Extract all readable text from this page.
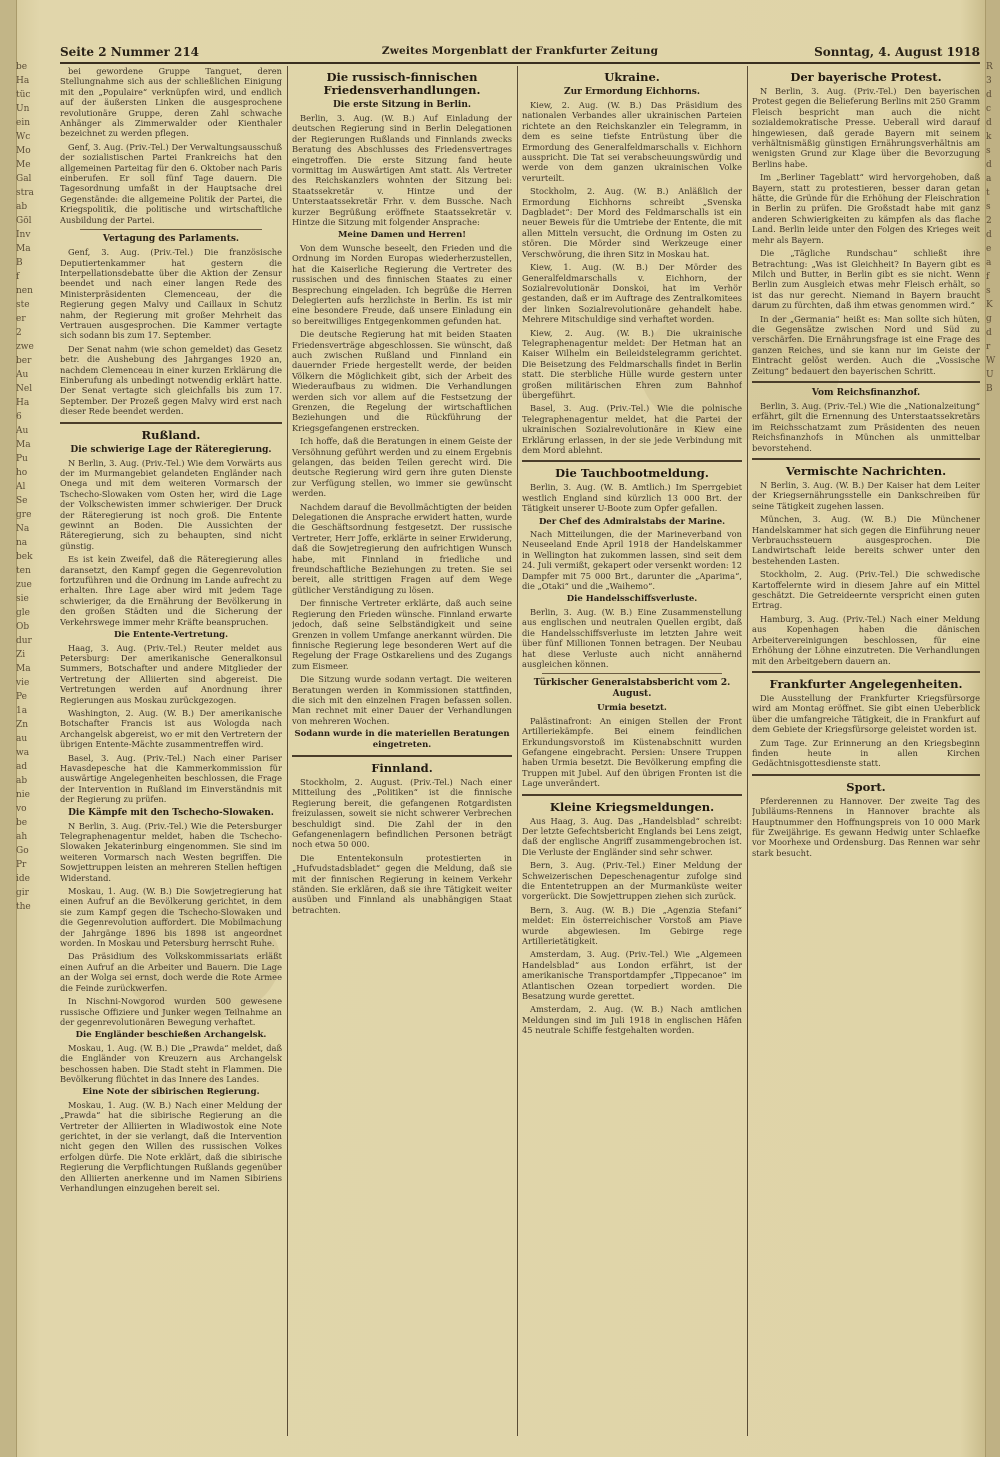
be
Ha
tüc
Un
ein
Wc
Mo
Me
Gal
stra
ab
Göl
Inv
Ma
B
f
nen
ste
er
2
zwe
ber
Au
Nel
Ha
6
Au
Ma
Pu
ho
Al
Se
gre
Na
na
bek
ten
zue
sie
gle
Ob
dur
Zi
Ma
vie
Pe
1a
Zn
au
wa
ad
ab
nie
vo
be
ah
Go
Pr
ide
gir
the
R
3
d
c
d
k
s
d
a
t
s
2
d
e
a
f
s
K
g
d
r
W
U
B
Seite 2 Nummer 214	Zweites Morgenblatt der Frankfurter Zeitung	Sonntag, 4. August 1918

bei gewordene Gruppe Tanguet, deren Stellungnahme sich aus der schließlichen Einigung mit den „Populaire“ verknüpfen wird, und endlich auf der äußersten Linken die ausgesprochene revolutionäre Gruppe, deren Zahl schwache Anhänger als Zimmerwalder oder Kienthaler bezeichnet zu werden pflegen.

Genf, 3. Aug. (Priv.-Tel.) Der Verwaltungsausschuß der sozialistischen Partei Frankreichs hat den allgemeinen Parteitag für den 6. Oktober nach Paris einberufen. Er soll fünf Tage dauern. Die Tagesordnung umfaßt in der Hauptsache drei Gegenstände: die allgemeine Politik der Partei, die Kriegspolitik, die politische und wirtschaftliche Ausbildung der Partei.

Vertagung des Parlaments.

Genf, 3. Aug. (Priv.-Tel.) Die französische Deputiertenkammer hat gestern die Interpellationsdebatte über die Aktion der Zensur beendet und nach einer langen Rede des Ministerpräsidenten Clemenceau, der die Regierung gegen Malvy und Caillaux in Schutz nahm, der Regierung mit großer Mehrheit das Vertrauen ausgesprochen. Die Kammer vertagte sich sodann bis zum 17. September.

Der Senat nahm (wie schon gemeldet) das Gesetz betr. die Aushebung des Jahrganges 1920 an, nachdem Clemenceau in einer kurzen Erklärung die Einberufung als unbedingt notwendig erklärt hatte. Der Senat vertagte sich gleichfalls bis zum 17. September. Der Prozeß gegen Malvy wird erst nach dieser Rede beendet werden.

Rußland.
Die schwierige Lage der Räteregierung.

N Berlin, 3. Aug. (Priv.-Tel.) Wie dem Vorwärts aus der im Murmangebiet gelandeten Engländer nach Onega und mit dem weiteren Vormarsch der Tschecho-Slowaken vom Osten her, wird die Lage der Volkschewisten immer schwieriger. Der Druck der Räteregierung ist noch groß. Die Entente gewinnt an Boden. Die Aussichten der Räteregierung, sich zu behaupten, sind nicht günstig.

Es ist kein Zweifel, daß die Räteregierung alles daransetzt, den Kampf gegen die Gegenrevolution fortzuführen und die Ordnung im Lande aufrecht zu erhalten. Ihre Lage aber wird mit jedem Tage schwieriger, da die Ernährung der Bevölkerung in den großen Städten und die Sicherung der Verkehrswege immer mehr Kräfte beanspruchen.

Die Entente-Vertretung.

Haag, 3. Aug. (Priv.-Tel.) Reuter meldet aus Petersburg: Der amerikanische Generalkonsul Summers, Botschafter und andere Mitglieder der Vertretung der Alliierten sind abgereist. Die Vertretungen werden auf Anordnung ihrer Regierungen aus Moskau zurückgezogen.

Washington, 2. Aug. (W. B.) Der amerikanische Botschafter Francis ist aus Wologda nach Archangelsk abgereist, wo er mit den Vertretern der übrigen Entente-Mächte zusammentreffen wird.

Basel, 3. Aug. (Priv.-Tel.) Nach einer Pariser Havasdepesche hat die Kammerkommission für auswärtige Angelegenheiten beschlossen, die Frage der Intervention in Rußland im Einverständnis mit der Regierung zu prüfen.

Die Kämpfe mit den Tschecho-Slowaken.

N Berlin, 3. Aug. (Priv.-Tel.) Wie die Petersburger Telegraphenagentur meldet, haben die Tschecho-Slowaken Jekaterinburg eingenommen. Sie sind im weiteren Vormarsch nach Westen begriffen. Die Sowjettruppen leisten an mehreren Stellen heftigen Widerstand.

Moskau, 1. Aug. (W. B.) Die Sowjetregierung hat einen Aufruf an die Bevölkerung gerichtet, in dem sie zum Kampf gegen die Tschecho-Slowaken und die Gegenrevolution auffordert. Die Mobilmachung der Jahrgänge 1896 bis 1898 ist angeordnet worden. In Moskau und Petersburg herrscht Ruhe.

Das Präsidium des Volkskommissariats erläßt einen Aufruf an die Arbeiter und Bauern. Die Lage an der Wolga sei ernst, doch werde die Rote Armee die Feinde zurückwerfen.

In Nischni-Nowgorod wurden 500 gewesene russische Offiziere und Junker wegen Teilnahme an der gegenrevolutionären Bewegung verhaftet.

Die Engländer beschießen Archangelsk.

Moskau, 1. Aug. (W. B.) Die „Prawda“ meldet, daß die Engländer von Kreuzern aus Archangelsk beschossen haben. Die Stadt steht in Flammen. Die Bevölkerung flüchtet in das Innere des Landes.

Eine Note der sibirischen Regierung.

Moskau, 1. Aug. (W. B.) Nach einer Meldung der „Prawda“ hat die sibirische Regierung an die Vertreter der Alliierten in Wladiwostok eine Note gerichtet, in der sie verlangt, daß die Intervention nicht gegen den Willen des russischen Volkes erfolgen dürfe. Die Note erklärt, daß die sibirische Regierung die Verpflichtungen Rußlands gegenüber den Alliierten anerkenne und im Namen Sibiriens Verhandlungen einzugehen bereit sei.

Die russisch-finnischen Friedensverhandlungen.
Die erste Sitzung in Berlin.

Berlin, 3. Aug. (W. B.) Auf Einladung der deutschen Regierung sind in Berlin Delegationen der Regierungen Rußlands und Finnlands zwecks Beratung des Abschlusses des Friedensvertrages eingetroffen. Die erste Sitzung fand heute vormittag im Auswärtigen Amt statt. Als Vertreter des Reichskanzlers wohnten der Sitzung bei: Staatssekretär v. Hintze und der Unterstaatssekretär Frhr. v. dem Bussche. Nach kurzer Begrüßung eröffnete Staatssekretär v. Hintze die Sitzung mit folgender Ansprache:

Meine Damen und Herren!

Von dem Wunsche beseelt, den Frieden und die Ordnung im Norden Europas wiederherzustellen, hat die Kaiserliche Regierung die Vertreter des russischen und des finnischen Staates zu einer Besprechung eingeladen. Ich begrüße die Herren Delegierten aufs herzlichste in Berlin. Es ist mir eine besondere Freude, daß unsere Einladung ein so bereitwilliges Entgegenkommen gefunden hat.

Die deutsche Regierung hat mit beiden Staaten Friedensverträge abgeschlossen. Sie wünscht, daß auch zwischen Rußland und Finnland ein dauernder Friede hergestellt werde, der beiden Völkern die Möglichkeit gibt, sich der Arbeit des Wiederaufbaus zu widmen. Die Verhandlungen werden sich vor allem auf die Festsetzung der Grenzen, die Regelung der wirtschaftlichen Beziehungen und die Rückführung der Kriegsgefangenen erstrecken.

Ich hoffe, daß die Beratungen in einem Geiste der Versöhnung geführt werden und zu einem Ergebnis gelangen, das beiden Teilen gerecht wird. Die deutsche Regierung wird gern ihre guten Dienste zur Verfügung stellen, wo immer sie gewünscht werden.

Nachdem darauf die Bevollmächtigten der beiden Delegationen die Ansprache erwidert hatten, wurde die Geschäftsordnung festgesetzt. Der russische Vertreter, Herr Joffe, erklärte in seiner Erwiderung, daß die Sowjetregierung den aufrichtigen Wunsch habe, mit Finnland in friedliche und freundschaftliche Beziehungen zu treten. Sie sei bereit, alle strittigen Fragen auf dem Wege gütlicher Verständigung zu lösen.

Der finnische Vertreter erklärte, daß auch seine Regierung den Frieden wünsche. Finnland erwarte jedoch, daß seine Selbständigkeit und seine Grenzen in vollem Umfange anerkannt würden. Die finnische Regierung lege besonderen Wert auf die Regelung der Frage Ostkareliens und des Zugangs zum Eismeer.

Die Sitzung wurde sodann vertagt. Die weiteren Beratungen werden in Kommissionen stattfinden, die sich mit den einzelnen Fragen befassen sollen. Man rechnet mit einer Dauer der Verhandlungen von mehreren Wochen.

Sodann wurde in die materiellen Beratungen eingetreten.
Finnland.

Stockholm, 2. August. (Priv.-Tel.) Nach einer Mitteilung des „Politiken“ ist die finnische Regierung bereit, die gefangenen Rotgardisten freizulassen, soweit sie nicht schwerer Verbrechen beschuldigt sind. Die Zahl der in den Gefangenenlagern befindlichen Personen beträgt noch etwa 50 000.

Die Ententekonsuln protestierten in „Hufvudstadsbladet“ gegen die Meldung, daß sie mit der finnischen Regierung in keinem Verkehr ständen. Sie erklären, daß sie ihre Tätigkeit weiter ausüben und Finnland als unabhängigen Staat betrachten.

Ukraine.
Zur Ermordung Eichhorns.

Kiew, 2. Aug. (W. B.) Das Präsidium des nationalen Verbandes aller ukrainischen Parteien richtete an den Reichskanzler ein Telegramm, in dem es seine tiefste Entrüstung über die Ermordung des Generalfeldmarschalls v. Eichhorn ausspricht. Die Tat sei verabscheuungswürdig und werde von dem ganzen ukrainischen Volke verurteilt.

Stockholm, 2. Aug. (W. B.) Anläßlich der Ermordung Eichhorns schreibt „Svenska Dagbladet“: Der Mord des Feldmarschalls ist ein neuer Beweis für die Umtriebe der Entente, die mit allen Mitteln versucht, die Ordnung im Osten zu stören. Die Mörder sind Werkzeuge einer Verschwörung, die ihren Sitz in Moskau hat.

Kiew, 1. Aug. (W. B.) Der Mörder des Generalfeldmarschalls v. Eichhorn, der Sozialrevolutionär Donskoi, hat im Verhör gestanden, daß er im Auftrage des Zentralkomitees der linken Sozialrevolutionäre gehandelt habe. Mehrere Mitschuldige sind verhaftet worden.

Kiew, 2. Aug. (W. B.) Die ukrainische Telegraphenagentur meldet: Der Hetman hat an Kaiser Wilhelm ein Beileidstelegramm gerichtet. Die Beisetzung des Feldmarschalls findet in Berlin statt. Die sterbliche Hülle wurde gestern unter großen militärischen Ehren zum Bahnhof übergeführt.

Basel, 3. Aug. (Priv.-Tel.) Wie die polnische Telegraphenagentur meldet, hat die Partei der ukrainischen Sozialrevolutionäre in Kiew eine Erklärung erlassen, in der sie jede Verbindung mit dem Mord ablehnt.

Die Tauchbootmeldung.

Berlin, 3. Aug. (W. B. Amtlich.) Im Sperrgebiet westlich England sind kürzlich 13 000 Brt. der Tätigkeit unserer U-Boote zum Opfer gefallen.

Der Chef des Admiralstabs der Marine.

Nach Mitteilungen, die der Marineverband von Neuseeland Ende April 1918 der Handelskammer in Wellington hat zukommen lassen, sind seit dem 24. Juli vermißt, gekapert oder versenkt worden: 12 Dampfer mit 75 000 Brt., darunter die „Aparima“, die „Otaki“ und die „Waihemo“.

Die Handelsschiffsverluste.

Berlin, 3. Aug. (W. B.) Eine Zusammenstellung aus englischen und neutralen Quellen ergibt, daß die Handelsschiffsverluste im letzten Jahre weit über fünf Millionen Tonnen betragen. Der Neubau hat diese Verluste auch nicht annähernd ausgleichen können.

Türkischer Generalstabsbericht vom 2. August.
Urmia besetzt.

Palästinafront: An einigen Stellen der Front Artilleriekämpfe. Bei einem feindlichen Erkundungsvorstoß im Küstenabschnitt wurden Gefangene eingebracht. Persien: Unsere Truppen haben Urmia besetzt. Die Bevölkerung empfing die Truppen mit Jubel. Auf den übrigen Fronten ist die Lage unverändert.

Kleine Kriegsmeldungen.

Aus Haag, 3. Aug. Das „Handelsblad“ schreibt: Der letzte Gefechtsbericht Englands bei Lens zeigt, daß der englische Angriff zusammengebrochen ist. Die Verluste der Engländer sind sehr schwer.

Bern, 3. Aug. (Priv.-Tel.) Einer Meldung der Schweizerischen Depeschenagentur zufolge sind die Ententetruppen an der Murmanküste weiter vorgerückt. Die Sowjettruppen ziehen sich zurück.

Bern, 3. Aug. (W. B.) Die „Agenzia Stefani“ meldet: Ein österreichischer Vorstoß am Piave wurde abgewiesen. Im Gebirge rege Artillerietätigkeit.

Amsterdam, 3. Aug. (Priv.-Tel.) Wie „Algemeen Handelsblad“ aus London erfährt, ist der amerikanische Transportdampfer „Tippecanoe“ im Atlantischen Ozean torpediert worden. Die Besatzung wurde gerettet.

Amsterdam, 2. Aug. (W. B.) Nach amtlichen Meldungen sind im Juli 1918 in englischen Häfen 45 neutrale Schiffe festgehalten worden.

Der bayerische Protest.

N Berlin, 3. Aug. (Priv.-Tel.) Den bayerischen Protest gegen die Belieferung Berlins mit 250 Gramm Fleisch bespricht man auch die nicht sozialdemokratische Presse. Ueberall wird darauf hingewiesen, daß gerade Bayern mit seinem verhältnismäßig günstigen Ernährungsverhältnis am wenigsten Grund zur Klage über die Bevorzugung Berlins habe.

Im „Berliner Tageblatt“ wird hervorgehoben, daß Bayern, statt zu protestieren, besser daran getan hätte, die Gründe für die Erhöhung der Fleischration in Berlin zu prüfen. Die Großstadt habe mit ganz anderen Schwierigkeiten zu kämpfen als das flache Land. Berlin leide unter den Folgen des Krieges weit mehr als Bayern.

Die „Tägliche Rundschau“ schließt ihre Betrachtung: „Was ist Gleichheit? In Bayern gibt es Milch und Butter, in Berlin gibt es sie nicht. Wenn Berlin zum Ausgleich etwas mehr Fleisch erhält, so ist das nur gerecht. Niemand in Bayern braucht darum zu fürchten, daß ihm etwas genommen wird.“

In der „Germania“ heißt es: Man sollte sich hüten, die Gegensätze zwischen Nord und Süd zu verschärfen. Die Ernährungsfrage ist eine Frage des ganzen Reiches, und sie kann nur im Geiste der Eintracht gelöst werden. Auch die „Vossische Zeitung“ bedauert den bayerischen Schritt.

Vom Reichsfinanzhof.

Berlin, 3. Aug. (Priv.-Tel.) Wie die „Nationalzeitung“ erfährt, gilt die Ernennung des Unterstaatssekretärs im Reichsschatzamt zum Präsidenten des neuen Reichsfinanzhofs in München als unmittelbar bevorstehend.

Vermischte Nachrichten.

N Berlin, 3. Aug. (W. B.) Der Kaiser hat dem Leiter der Kriegsernährungsstelle ein Dankschreiben für seine Tätigkeit zugehen lassen.

München, 3. Aug. (W. B.) Die Münchener Handelskammer hat sich gegen die Einführung neuer Verbrauchssteuern ausgesprochen. Die Landwirtschaft leide bereits schwer unter den bestehenden Lasten.

Stockholm, 2. Aug. (Priv.-Tel.) Die schwedische Kartoffelernte wird in diesem Jahre auf ein Mittel geschätzt. Die Getreideernte verspricht einen guten Ertrag.

Hamburg, 3. Aug. (Priv.-Tel.) Nach einer Meldung aus Kopenhagen haben die dänischen Arbeitervereinigungen beschlossen, für eine Erhöhung der Löhne einzutreten. Die Verhandlungen mit den Arbeitgebern dauern an.

Frankfurter Angelegenheiten.

Die Ausstellung der Frankfurter Kriegsfürsorge wird am Montag eröffnet. Sie gibt einen Ueberblick über die umfangreiche Tätigkeit, die in Frankfurt auf dem Gebiete der Kriegsfürsorge geleistet worden ist.

Zum Tage. Zur Erinnerung an den Kriegsbeginn finden heute in allen Kirchen Gedächtnisgottesdienste statt.

Sport.

Pferderennen zu Hannover. Der zweite Tag des Jubiläums-Rennens in Hannover brachte als Hauptnummer den Hoffnungspreis von 10 000 Mark für Zweijährige. Es gewann Hedwig unter Schlaefke vor Moorhexe und Ordensburg. Das Rennen war sehr stark besucht.
